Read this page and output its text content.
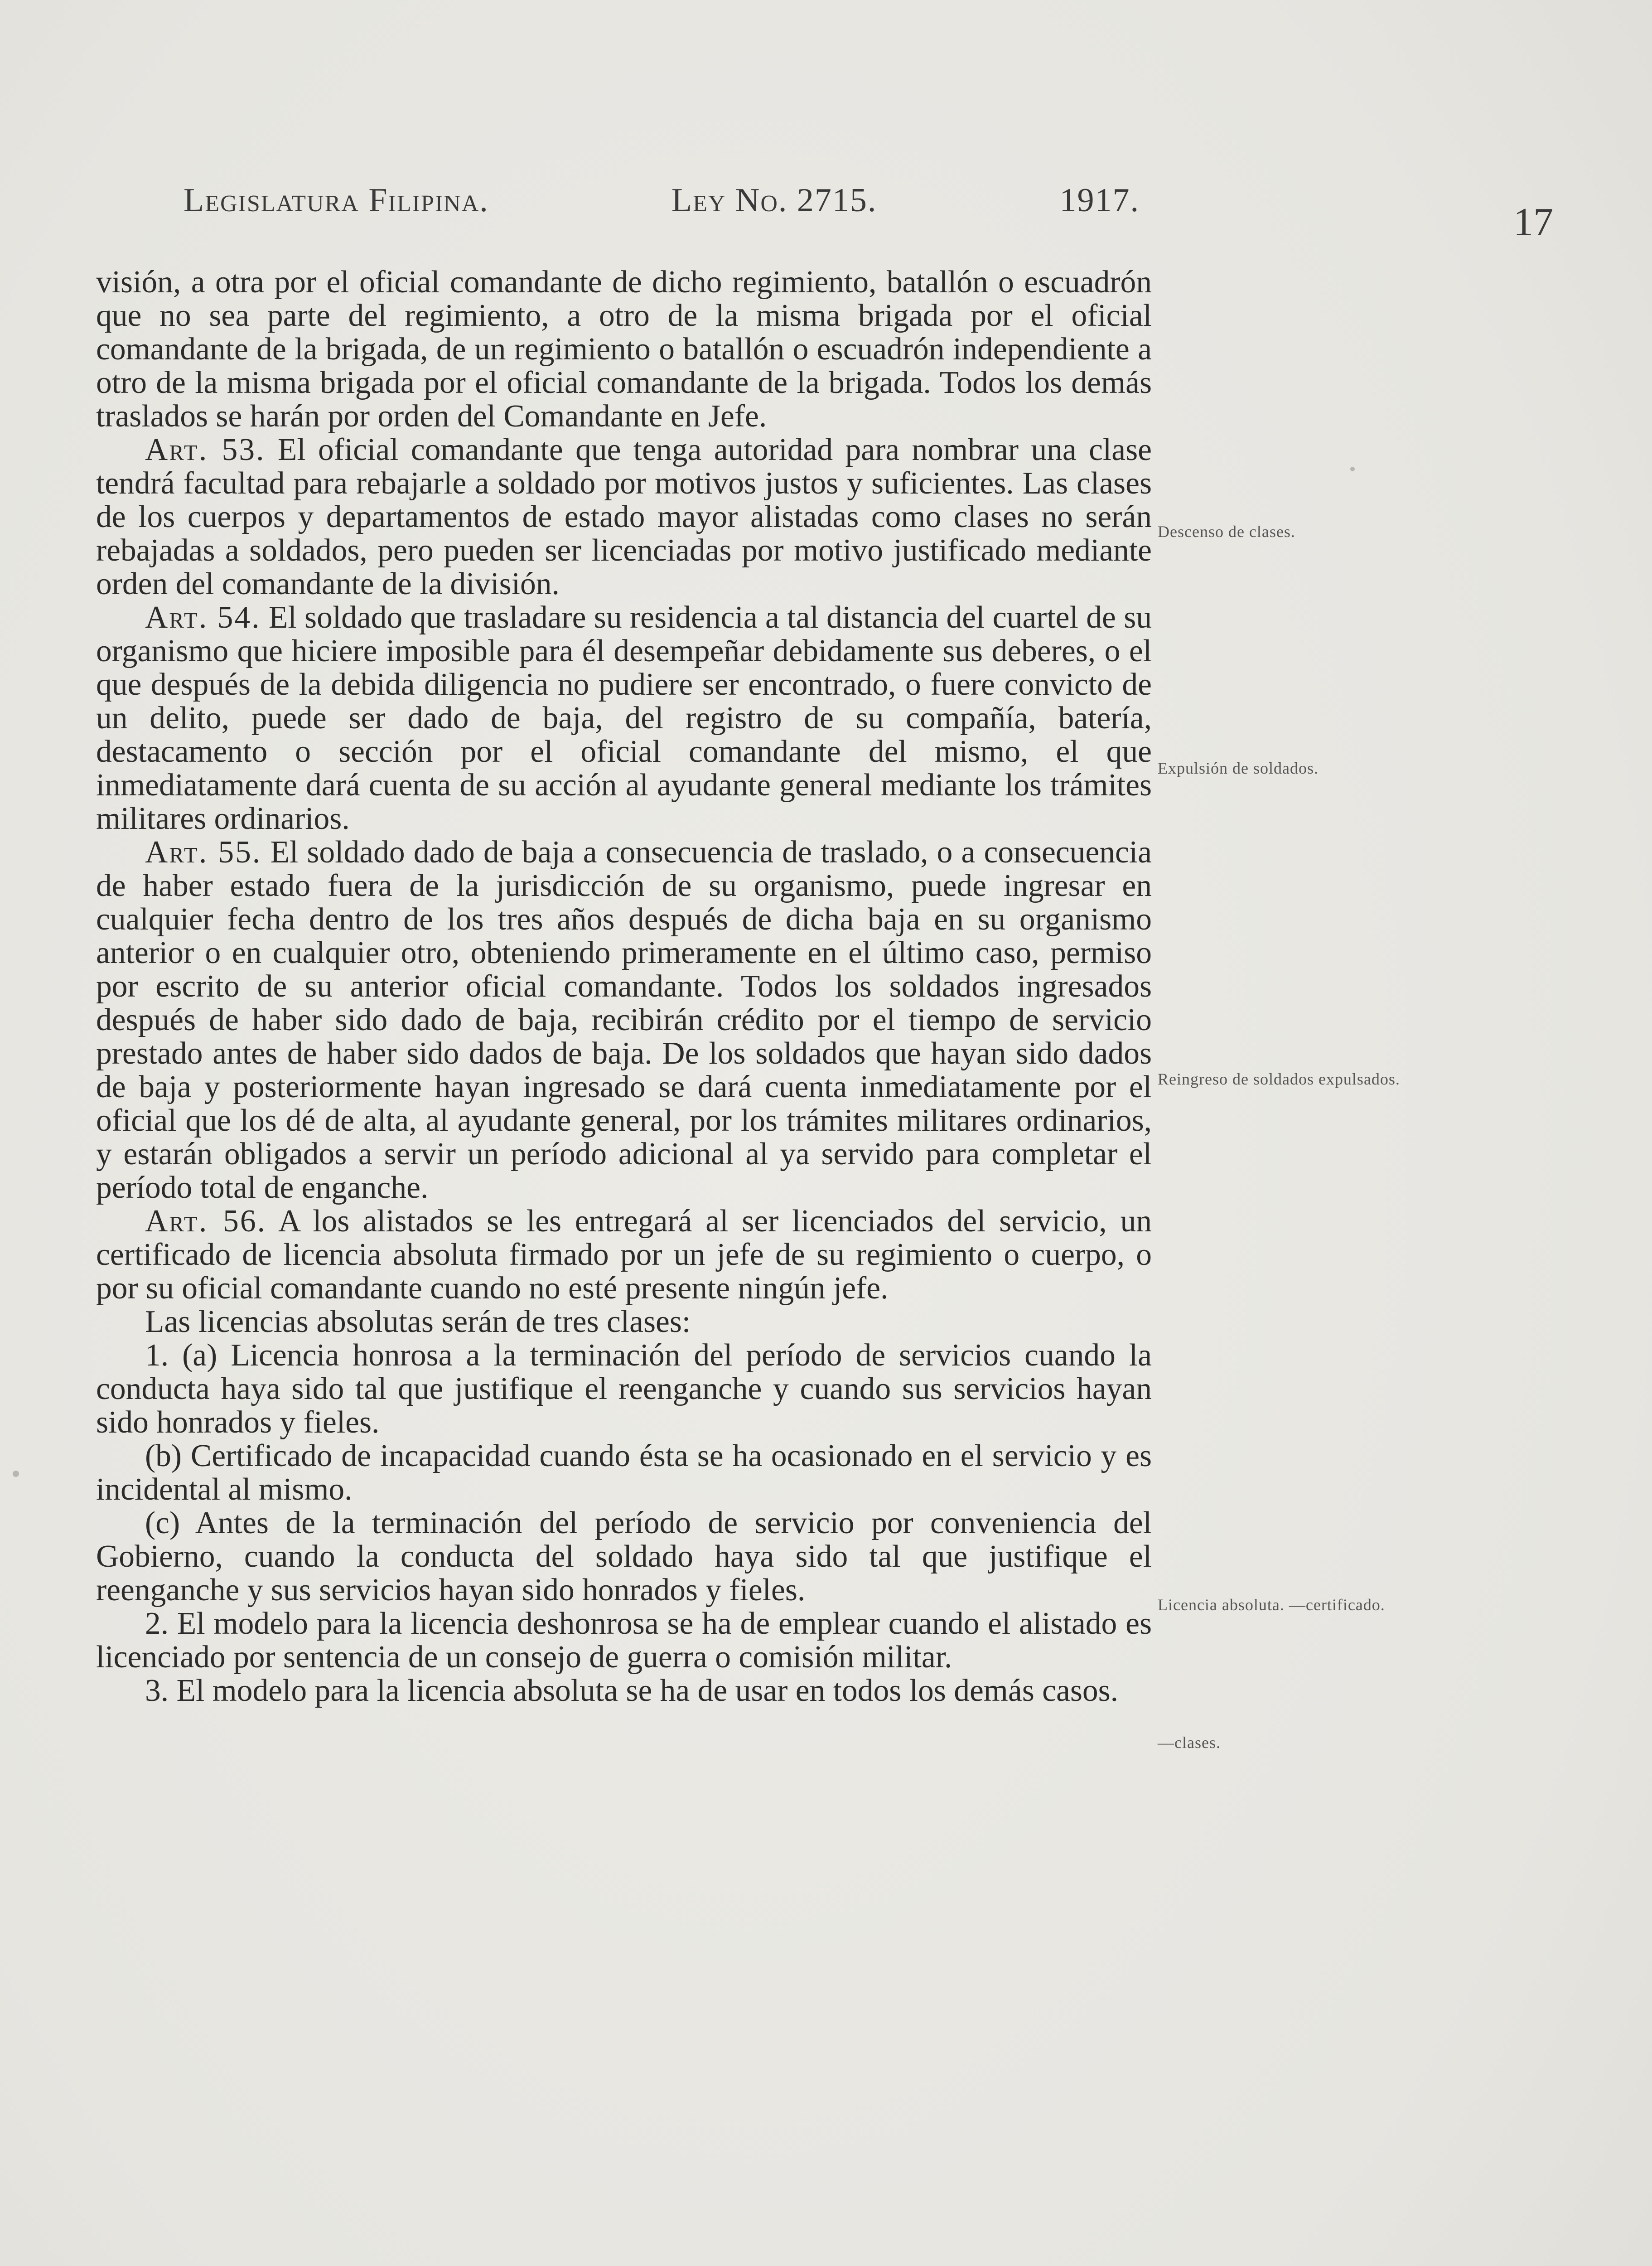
Legislatura Filipina.	Ley No. 2715.	1917.	17

visión, a otra por el oficial comandante de dicho regimiento, batallón o escuadrón que no sea parte del regimiento, a otro de la misma brigada por el oficial comandante de la brigada, de un regimiento o batallón o escuadrón independiente a otro de la misma brigada por el oficial comandante de la brigada. Todos los demás traslados se harán por orden del Comandante en Jefe.

Art. 53. El oficial comandante que tenga autoridad para nombrar una clase tendrá facultad para rebajarle a soldado por motivos justos y suficientes. Las clases de los cuerpos y departamentos de estado mayor alistadas como clases no serán rebajadas a soldados, pero pueden ser licenciadas por motivo justificado mediante orden del comandante de la división.

Art. 54. El soldado que trasladare su residencia a tal distancia del cuartel de su organismo que hiciere imposible para él desempeñar debidamente sus deberes, o el que después de la debida diligencia no pudiere ser encontrado, o fuere convicto de un delito, puede ser dado de baja, del registro de su compañía, batería, destacamento o sección por el oficial comandante del mismo, el que inmediatamente dará cuenta de su acción al ayudante general mediante los trámites militares ordinarios.

Art. 55. El soldado dado de baja a consecuencia de traslado, o a consecuencia de haber estado fuera de la jurisdicción de su organismo, puede ingresar en cualquier fecha dentro de los tres años después de dicha baja en su organismo anterior o en cualquier otro, obteniendo primeramente en el último caso, permiso por escrito de su anterior oficial comandante. Todos los soldados ingresados después de haber sido dado de baja, recibirán crédito por el tiempo de servicio prestado antes de haber sido dados de baja. De los soldados que hayan sido dados de baja y posteriormente hayan ingresado se dará cuenta inmediatamente por el oficial que los dé de alta, al ayudante general, por los trámites militares ordinarios, y estarán obligados a servir un período adicional al ya servido para completar el período total de enganche.

Art. 56. A los alistados se les entregará al ser licenciados del servicio, un certificado de licencia absoluta firmado por un jefe de su regimiento o cuerpo, o por su oficial comandante cuando no esté presente ningún jefe.

Las licencias absolutas serán de tres clases:

1. (a) Licencia honrosa a la terminación del período de servicios cuando la conducta haya sido tal que justifique el reenganche y cuando sus servicios hayan sido honrados y fieles.

(b) Certificado de incapacidad cuando ésta se ha ocasionado en el servicio y es incidental al mismo.

(c) Antes de la terminación del período de servicio por conveniencia del Gobierno, cuando la conducta del soldado haya sido tal que justifique el reenganche y sus servicios hayan sido honrados y fieles.

2. El modelo para la licencia deshonrosa se ha de emplear cuando el alistado es licenciado por sentencia de un consejo de guerra o comisión militar.

3. El modelo para la licencia absoluta se ha de usar en todos los demás casos.

Descenso de clases.
Expulsión de soldados.
Reingreso de soldados expulsados.
Licencia absoluta. —certificado.
—clases.
